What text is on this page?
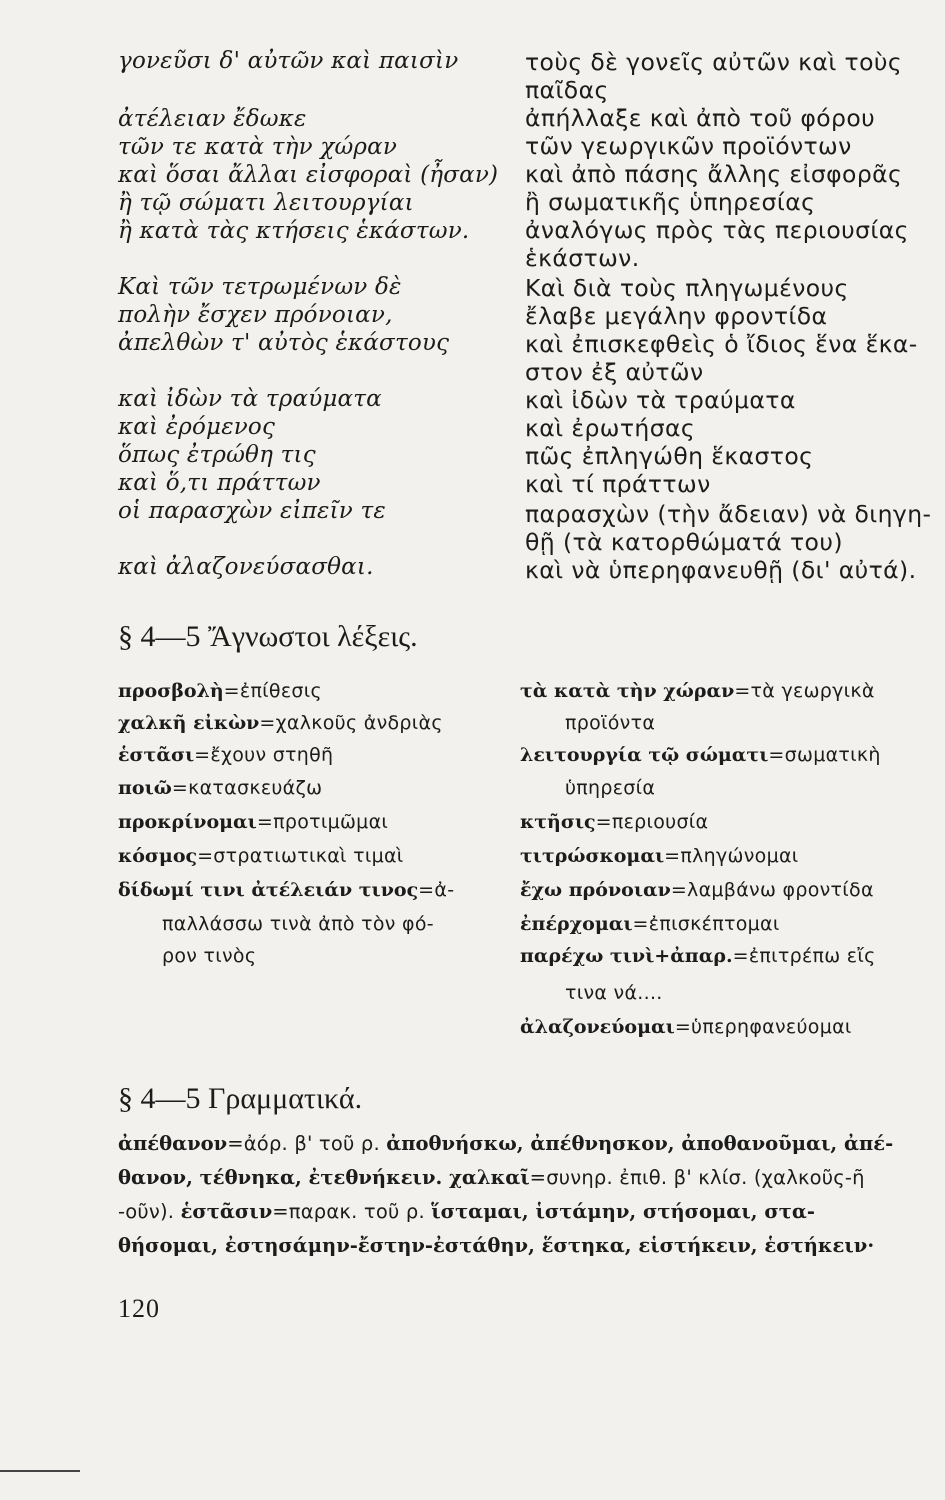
γονεῦσι δ' αὐτῶν καὶ παισὶν
ἀτέλειαν ἔδωκε
τῶν τε κατὰ τὴν χώραν
καὶ ὅσαι ἄλλαι εἰσφοραὶ (ἦσαν)
ἢ τῷ σώματι λειτουργίαι
ἢ κατὰ τὰς κτήσεις ἑκάστων.
Καὶ τῶν τετρωμένων δὲ
πολὴν ἔσχεν πρόνοιαν,
ἀπελθὼν τ' αὐτὸς ἑκάστους
καὶ ἰδὼν τὰ τραύματα
καὶ ἐρόμενος
ὅπως ἐτρώθη τις
καὶ ὅ,τι πράττων
οἱ παρασχὼν εἰπεῖν τε
καὶ ἀλαζονεύσασθαι.
τοὺς δὲ γονεῖς αὐτῶν καὶ τοὺς
παῖδας
ἀπήλλαξε καὶ ἀπὸ τοῦ φόρου
τῶν γεωργικῶν προϊόντων
καὶ ἀπὸ πάσης ἄλλης εἰσφορᾶς
ἢ σωματικῆς ὑπηρεσίας
ἀναλόγως πρὸς τὰς περιουσίας
ἑκάστων.
Καὶ διὰ τοὺς πληγωμένους
ἔλαβε μεγάλην φροντίδα
καὶ ἐπισκεφθεὶς ὁ ἴδιος ἕνα ἕκα-
στον ἐξ αὐτῶν
καὶ ἰδὼν τὰ τραύματα
καὶ ἐρωτήσας
πῶς ἐπληγώθη ἕκαστος
καὶ τί πράττων
παρασχὼν (τὴν ἄδειαν) νὰ διηγη-
θῇ (τὰ κατορθώματά του)
καὶ νὰ ὑπερηφανευθῇ (δι' αὐτά).
§ 4—5 Ἄγνωστοι λέξεις.
προσβολὴ=ἐπίθεσις
χαλκῆ εἰκὼν=χαλκοῦς ἀνδριὰς
ἑστᾶσι=ἔχουν στηθῆ
ποιῶ=κατασκευάζω
προκρίνομαι=προτιμῶμαι
κόσμος=στρατιωτικαὶ τιμαὶ
δίδωμί τινι ἀτέλειάν τινος=ἀ-
παλλάσσω τινὰ ἀπὸ τὸν φό-
ρον τινὸς
τὰ κατὰ τὴν χώραν=τὰ γεωργικὰ
προϊόντα
λειτουργία τῷ σώματι=σωματικὴ
ὑπηρεσία
κτῆσις=περιουσία
τιτρώσκομαι=πληγώνομαι
ἔχω πρόνοιαν=λαμβάνω φροντίδα
ἐπέρχομαι=ἐπισκέπτομαι
παρέχω τινὶ+ἀπαρ.=ἐπιτρέπω εἴς
τινα νά....
ἀλαζονεύομαι=ὑπερηφανεύομαι
§ 4—5 Γραμματικά.
ἀπέθανον=ἀόρ. β' τοῦ ρ. ἀποθνήσκω, ἀπέθνησκον, ἀποθανοῦμαι, ἀπέ-
θανον, τέθνηκα, ἐτεθνήκειν. χαλκαῖ=συνηρ. ἐπιθ. β' κλίσ. (χαλκοῦς-ῆ
-οῦν). ἑστᾶσιν=παρακ. τοῦ ρ. ἵσταμαι, ἱστάμην, στήσομαι, στα-
θήσομαι, ἐστησάμην-ἔστην-ἐστάθην, ἕστηκα, εἱστήκειν, ἑστήκειν·
120
